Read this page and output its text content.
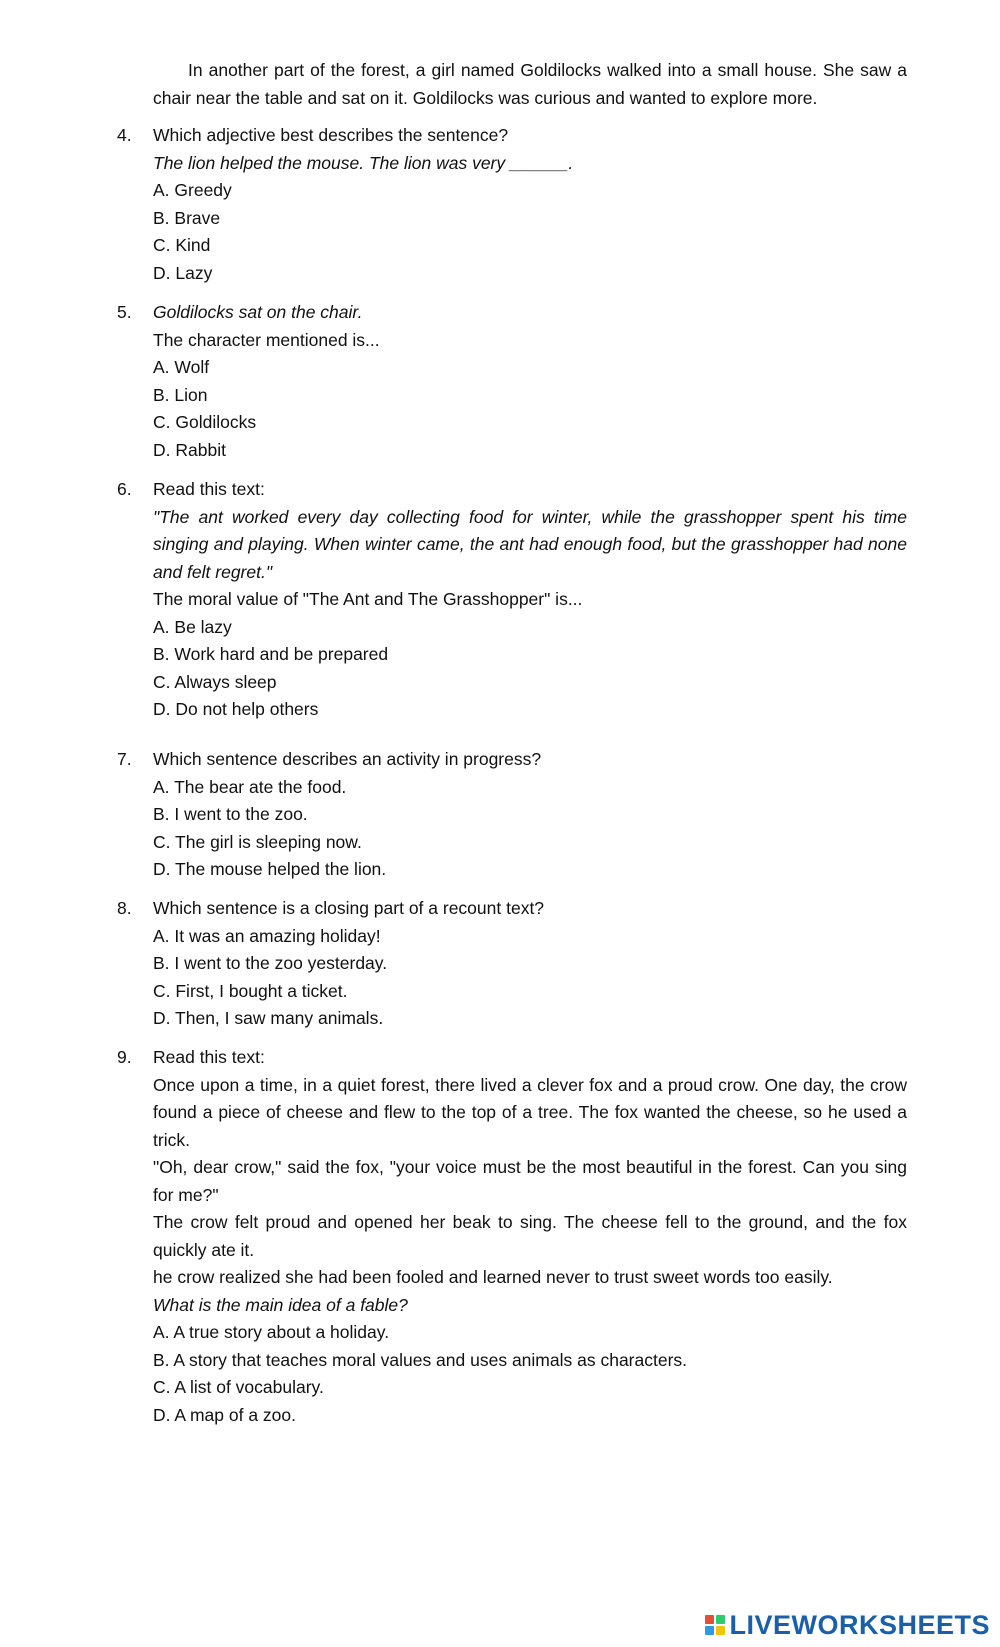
In another part of the forest, a girl named Goldilocks walked into a small house. She saw a chair near the table and sat on it. Goldilocks was curious and wanted to explore more.

4. Which adjective best describes the sentence?
The lion helped the mouse. The lion was very ______.
A. Greedy
B. Brave
C. Kind
D. Lazy
5. Goldilocks sat on the chair.
The character mentioned is...
A. Wolf
B. Lion
C. Goldilocks
D. Rabbit
6. Read this text:
"The ant worked every day collecting food for winter, while the grasshopper spent his time singing and playing. When winter came, the ant had enough food, but the grasshopper had none and felt regret."
The moral value of "The Ant and The Grasshopper" is...
A. Be lazy
B. Work hard and be prepared
C. Always sleep
D. Do not help others
7. Which sentence describes an activity in progress?
A. The bear ate the food.
B. I went to the zoo.
C. The girl is sleeping now.
D. The mouse helped the lion.
8. Which sentence is a closing part of a recount text?
A. It was an amazing holiday!
B. I went to the zoo yesterday.
C. First, I bought a ticket.
D. Then, I saw many animals.
9. Read this text:
Once upon a time, in a quiet forest, there lived a clever fox and a proud crow. One day, the crow found a piece of cheese and flew to the top of a tree. The fox wanted the cheese, so he used a trick.
"Oh, dear crow," said the fox, "your voice must be the most beautiful in the forest. Can you sing for me?"
The crow felt proud and opened her beak to sing. The cheese fell to the ground, and the fox quickly ate it.
he crow realized she had been fooled and learned never to trust sweet words too easily.
What is the main idea of a fable?
A. A true story about a holiday.
B. A story that teaches moral values and uses animals as characters.
C. A list of vocabulary.
D. A map of a zoo.
LIVEWORKSHEETS
